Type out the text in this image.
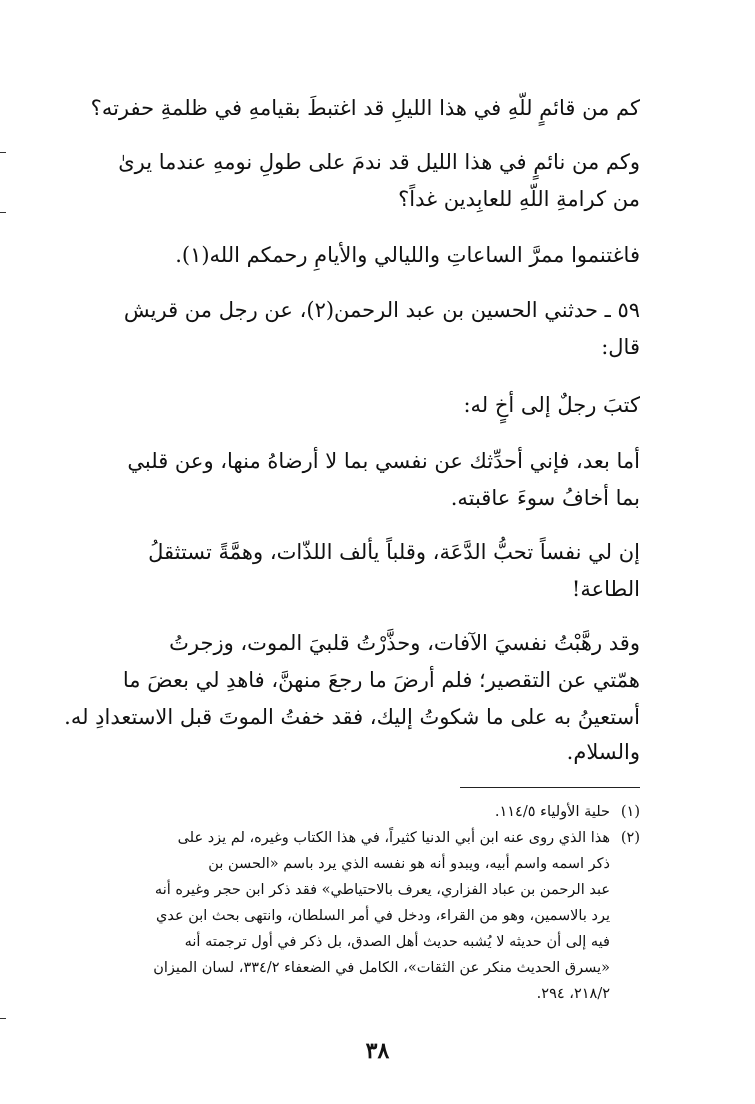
كم من قائمٍ للّهِ في هذا الليلِ قد اغتبطَ بقيامهِ في ظلمةِ حفرته؟
وكم من نائمٍ في هذا الليل قد ندمَ على طولِ نومهِ عندما يرىٰ
من كرامةِ اللّهِ للعابِدين غداً؟
فاغتنموا ممرَّ الساعاتِ والليالي والأيامِ رحمكم الله(١).
٥٩ ـ حدثني الحسين بن عبد الرحمن(٢)، عن رجل من قريش
قال:
كتبَ رجلٌ إلى أخٍ له:
أما بعد، فإني أحدِّثك عن نفسي بما لا أرضاهُ منها، وعن قلبي
بما أخافُ سوءَ عاقبته.
إن لي نفساً تحبُّ الدَّعَة، وقلباً يألف اللذّات، وهمَّةً تستثقلُ
الطاعة!
وقد رهَّبْتُ نفسيَ الآفات، وحذَّرْتُ قلبيَ الموت، وزجرتُ
همّتي عن التقصير؛ فلم أرضَ ما رجعَ منهنَّ، فاهدِ لي بعضَ ما
أستعينُ به على ما شكوتُ إليك، فقد خفتُ الموتَ قبل الاستعدادِ له.
والسلام.
(١)حلية الأولياء ١١٤/٥.
(٢)هذا الذي روى عنه ابن أبي الدنيا كثيراً، في هذا الكتاب وغيره، لم يزد على
ذكر اسمه واسم أبيه، ويبدو أنه هو نفسه الذي يرد باسم «الحسن بن
عبد الرحمن بن عباد الفزاري، يعرف بالاحتياطي» فقد ذكر ابن حجر وغيره أنه
يرد بالاسمين، وهو من القراء، ودخل في أمر السلطان، وانتهى بحث ابن عدي
فيه إلى أن حديثه لا يُشبه حديث أهل الصدق، بل ذكر في أول ترجمته أنه
«يسرق الحديث منكر عن الثقات»، الكامل في الضعفاء ٣٣٤/٢، لسان الميزان
٢١٨/٢، ٢٩٤.
٣٨
